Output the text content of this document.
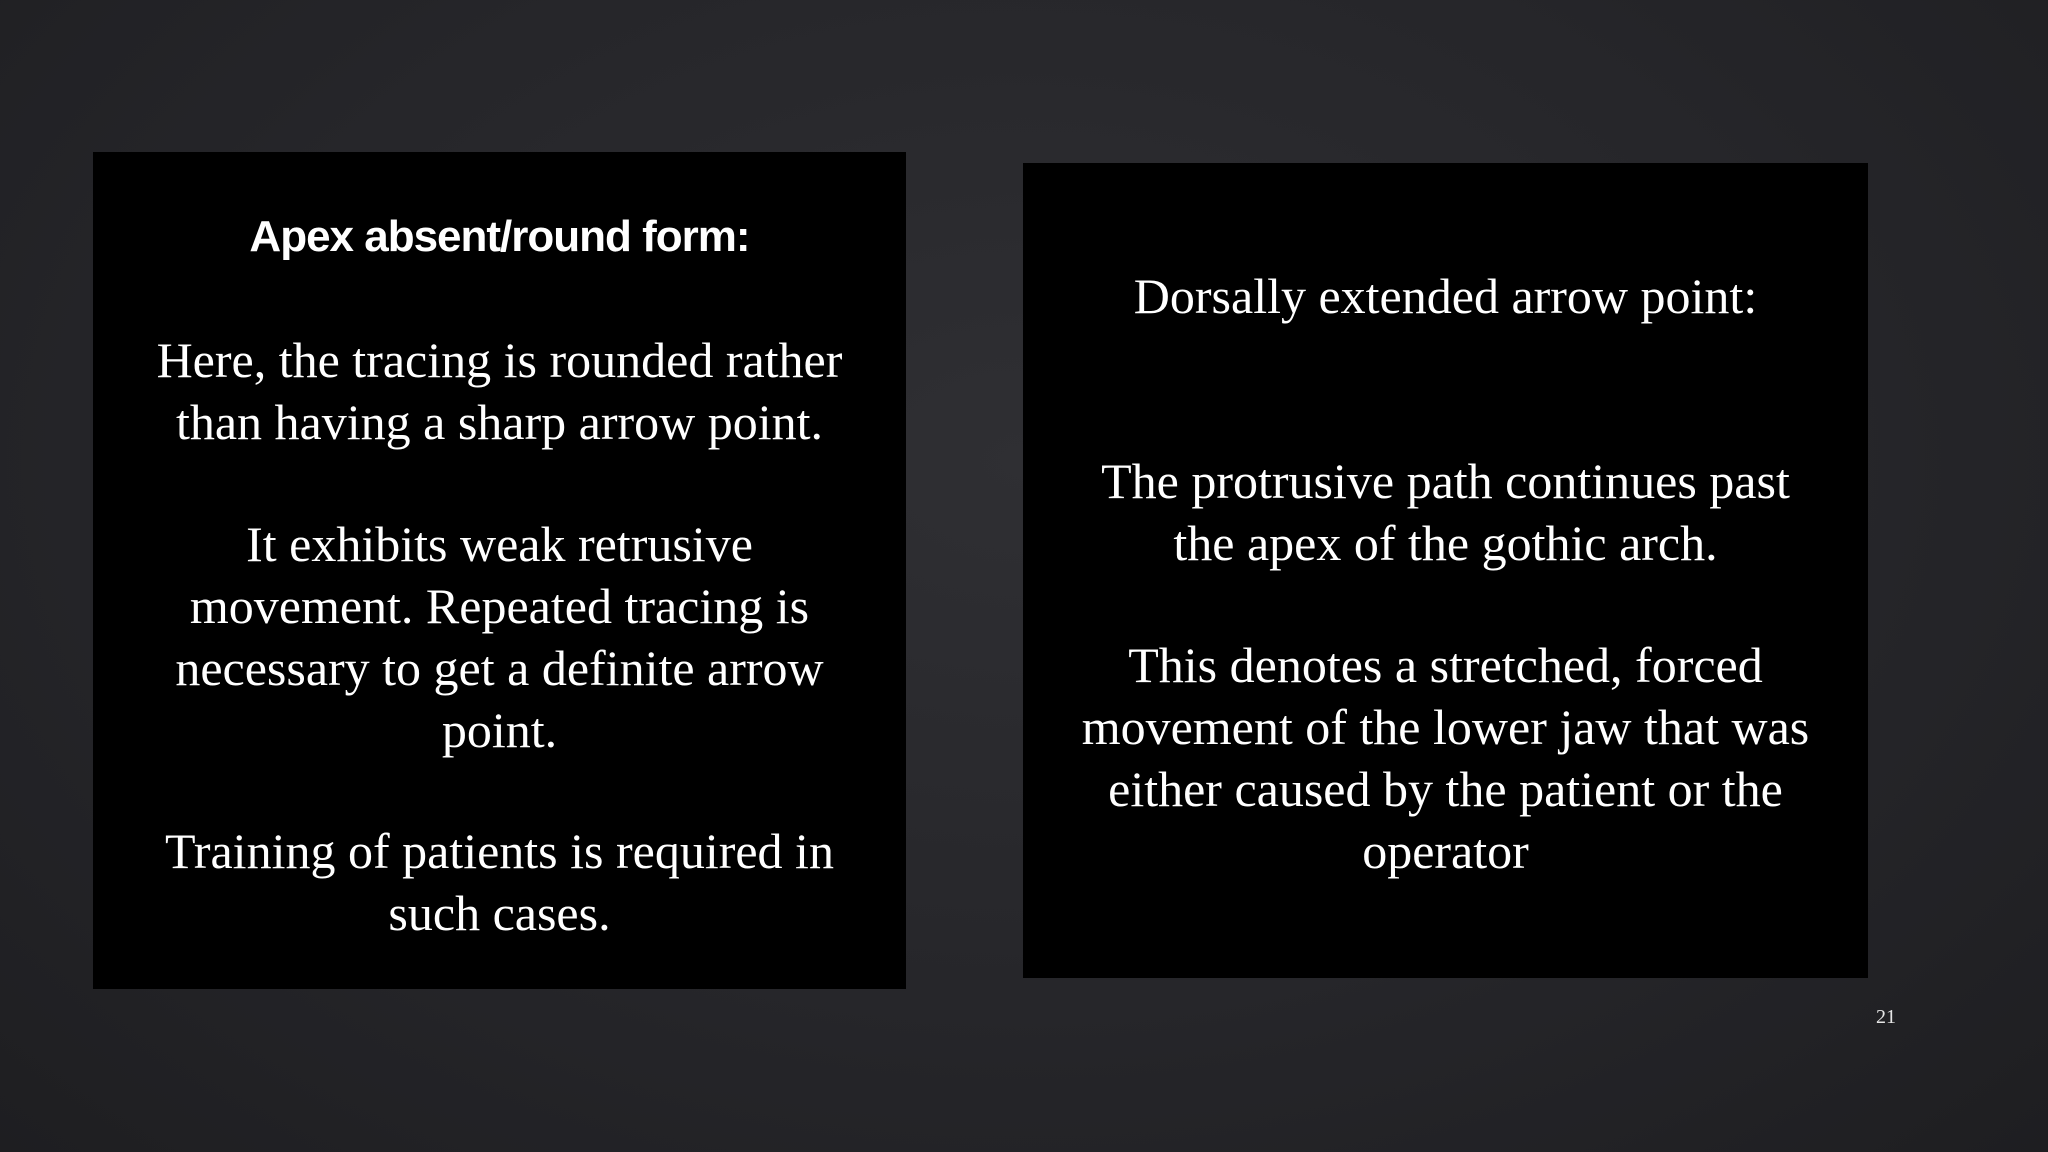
Apex absent/round form:
Here, the tracing is rounded rather
than having a sharp arrow point.
It exhibits weak retrusive
movement. Repeated tracing is
necessary to get a definite arrow
point.
Training of patients is required in
such cases.
Dorsally extended arrow point:
The protrusive path continues past
the apex of the gothic arch.
This denotes a stretched, forced
movement of the lower jaw that was
either caused by the patient or the
operator
21
